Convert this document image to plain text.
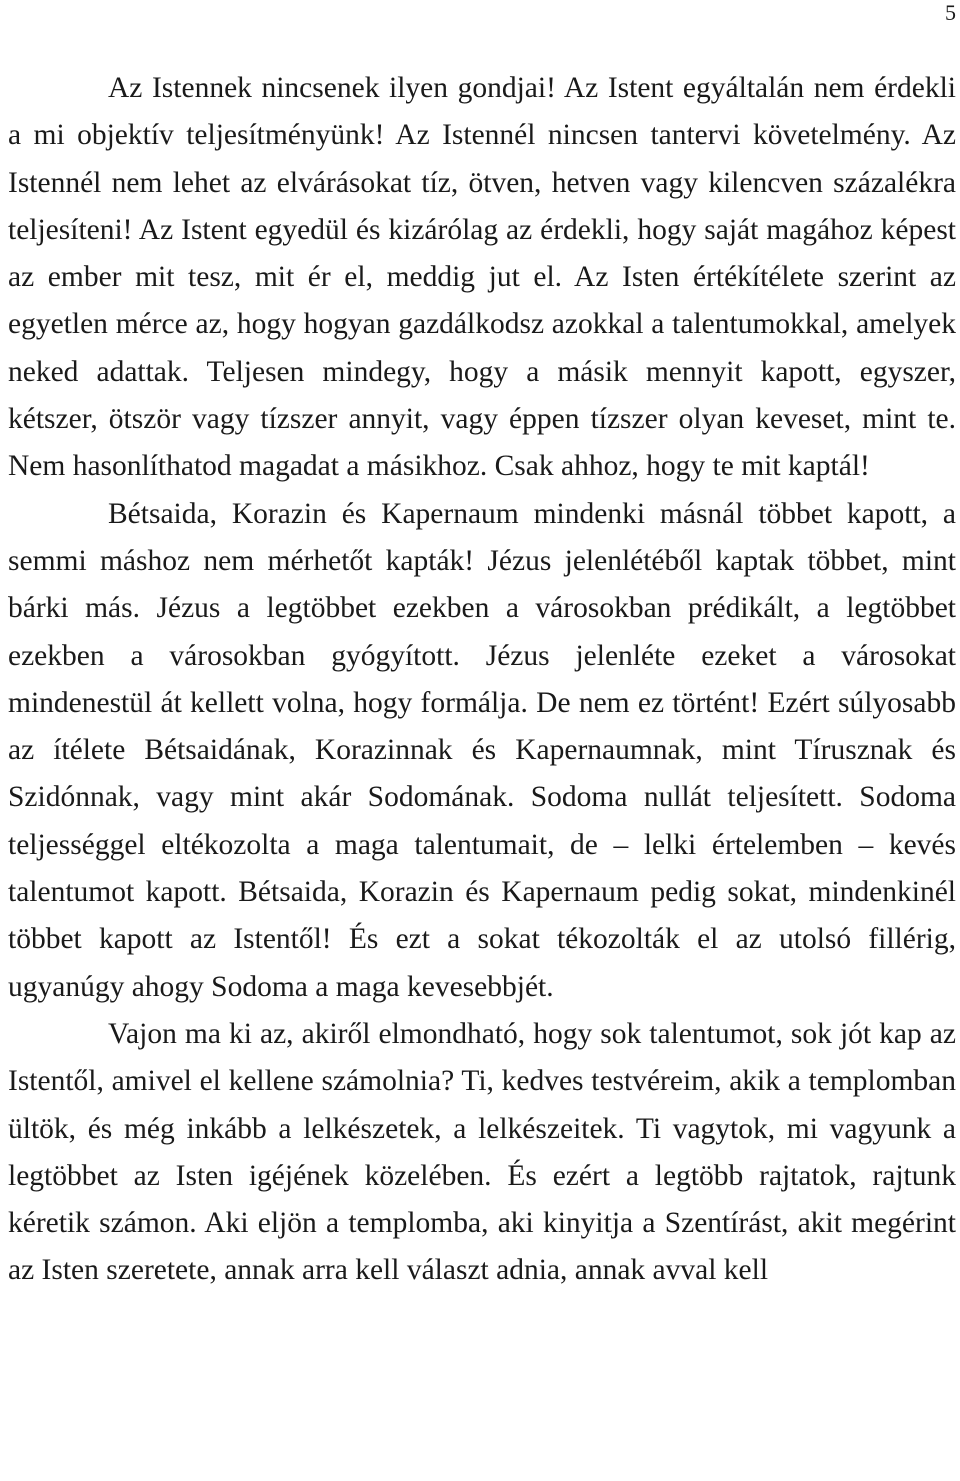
5

Az Istennek nincsenek ilyen gondjai! Az Istent egyáltalán nem érdekli a mi objektív teljesítményünk! Az Istennél nincsen tantervi követelmény. Az Istennél nem lehet az elvárásokat tíz, ötven, hetven vagy kilencven százalékra teljesíteni! Az Istent egyedül és kizárólag az érdekli, hogy saját magához képest az ember mit tesz, mit ér el, meddig jut el. Az Isten értékítélete szerint az egyetlen mérce az, hogy hogyan gazdálkodsz azokkal a talentumokkal, amelyek neked adattak. Teljesen mindegy, hogy a másik mennyit kapott, egyszer, kétszer, ötször vagy tízszer annyit, vagy éppen tízszer olyan keveset, mint te. Nem hasonlíthatod magadat a másikhoz. Csak ahhoz, hogy te mit kaptál!

Bétsaida, Korazin és Kapernaum mindenki másnál többet kapott, a semmi máshoz nem mérhetőt kapták! Jézus jelenlétéből kaptak többet, mint bárki más. Jézus a legtöbbet ezekben a városokban prédikált, a legtöbbet ezekben a városokban gyógyított. Jézus jelenléte ezeket a városokat mindenestül át kellett volna, hogy formálja. De nem ez történt! Ezért súlyosabb az ítélete Bétsaidának, Korazinnak és Kapernaumnak, mint Tírusznak és Szidónnak, vagy mint akár Sodomának. Sodoma nullát teljesített. Sodoma teljességgel eltékozolta a maga talentumait, de – lelki értelemben – kevés talentumot kapott. Bétsaida, Korazin és Kapernaum pedig sokat, mindenkinél többet kapott az Istentől! És ezt a sokat tékozolták el az utolsó fillérig, ugyanúgy ahogy Sodoma a maga kevesebbjét.

Vajon ma ki az, akiről elmondható, hogy sok talentumot, sok jót kap az Istentől, amivel el kellene számolnia? Ti, kedves testvéreim, akik a templomban ültök, és még inkább a lelkészetek, a lelkészeitek. Ti vagytok, mi vagyunk a legtöbbet az Isten igéjének közelében. És ezért a legtöbb rajtatok, rajtunk kéretik számon. Aki eljön a templomba, aki kinyitja a Szentírást, akit megérint az Isten szeretete, annak arra kell választ adnia, annak avval kell
